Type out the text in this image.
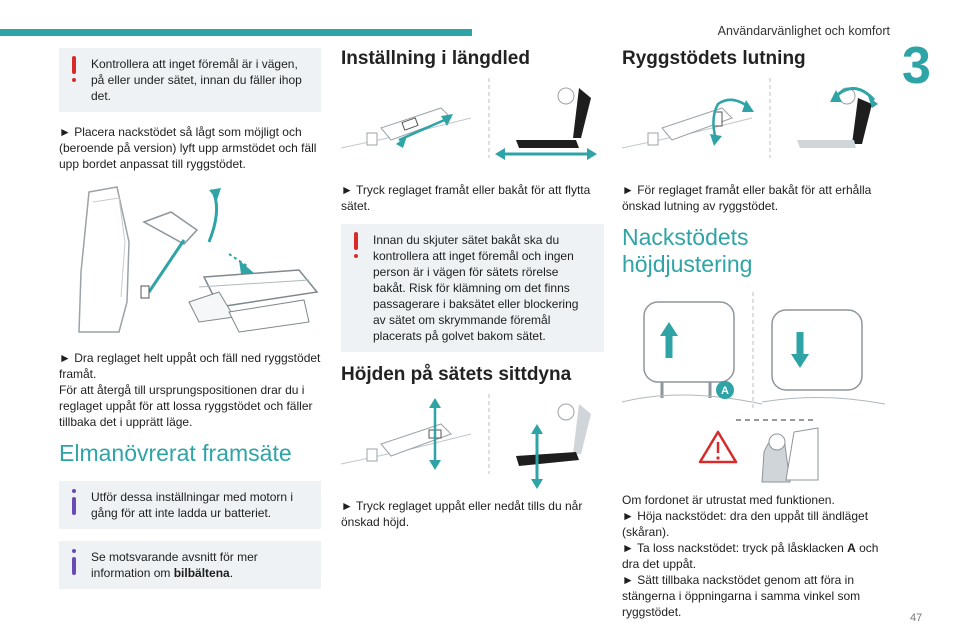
Användarvänlighet och komfort
3
Kontrollera att inget föremål är i vägen, på eller under sätet, innan du fäller ihop det.

► Placera nackstödet så lågt som möjligt och (beroende på version) lyft upp armstödet och fäll upp bordet anpassat till ryggstödet.

► Dra reglaget helt uppåt och fäll ned ryggstödet framåt.

För att återgå till ursprungspositionen drar du i reglaget uppåt för att lossa ryggstödet och fäller tillbaka det i upprätt läge.

Elmanövrerat framsäte
Utför dessa inställningar med motorn i gång för att inte ladda ur batteriet.
Se motsvarande avsnitt för mer information om bilbältena.
Inställning i längdled

► Tryck reglaget framåt eller bakåt för att flytta sätet.

Innan du skjuter sätet bakåt ska du kontrollera att inget föremål och ingen person är i vägen för sätets rörelse bakåt. Risk för klämning om det finns passagerare i baksätet eller blockering av sätet om skrymmande föremål placerats på golvet bakom sätet.
Höjden på sätets sittdyna

► Tryck reglaget uppåt eller nedåt tills du når önskad höjd.

Ryggstödets lutning

► För reglaget framåt eller bakåt för att erhålla önskad lutning av ryggstödet.

Nackstödets höjdjustering
A

Om fordonet är utrustat med funktionen.

► Höja nackstödet: dra den uppåt till ändläget (skåran).

► Ta loss nackstödet: tryck på låsklacken A och dra det uppåt.

► Sätt tillbaka nackstödet genom att föra in stängerna i öppningarna i samma vinkel som ryggstödet.	47
